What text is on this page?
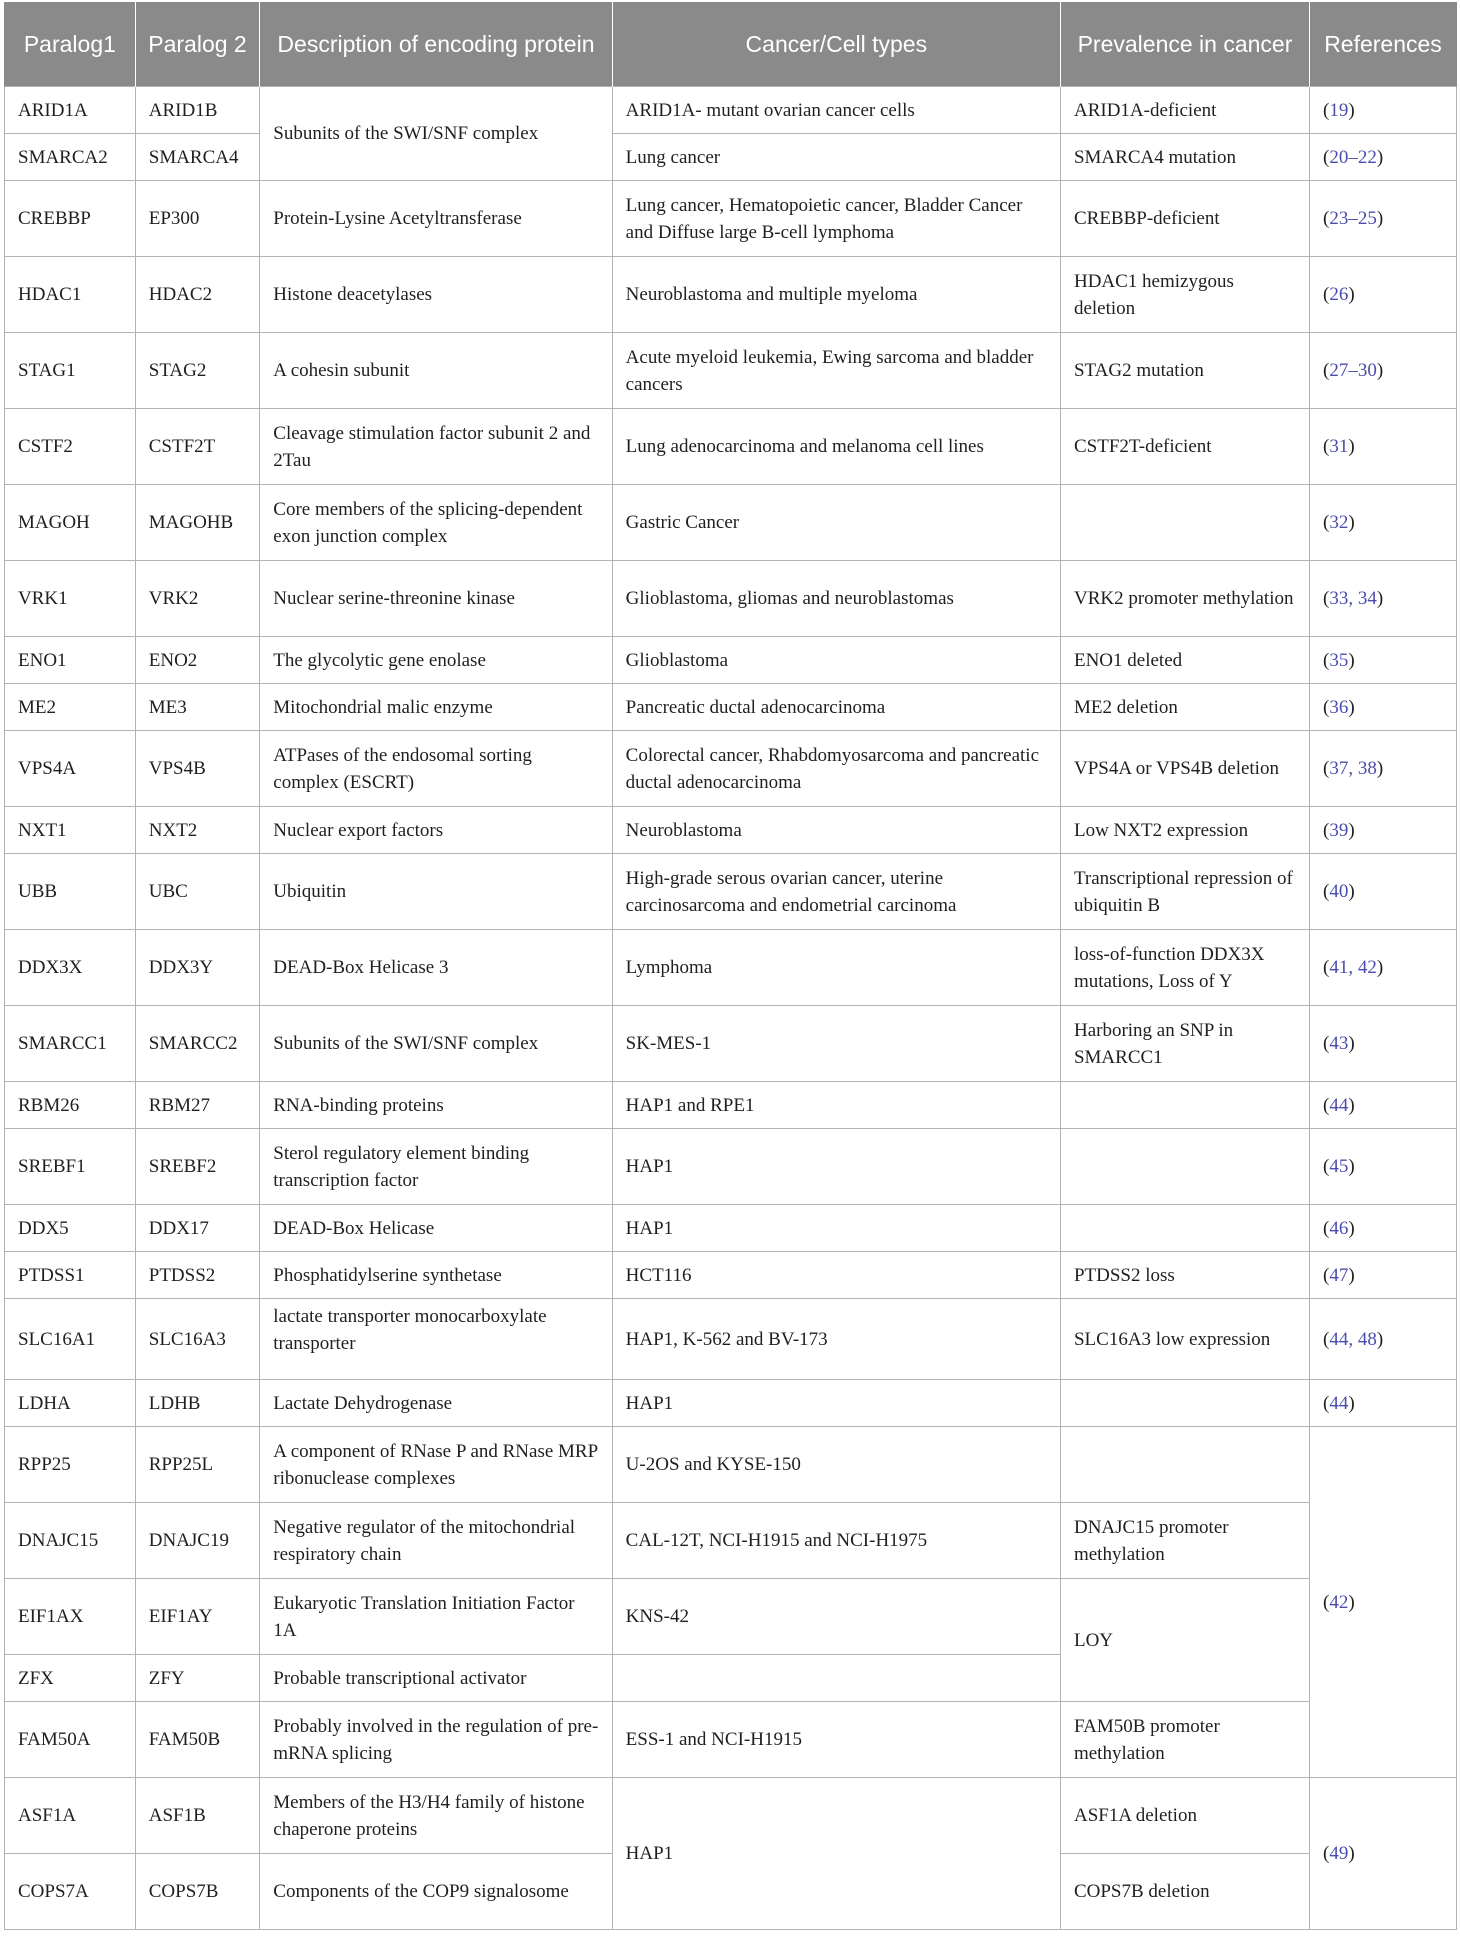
Paralog1	Paralog 2	Description of encoding protein	Cancer/Cell types	Prevalence in cancer	References
ARID1A	ARID1B	Subunits of the SWI/SNF complex	ARID1A- mutant ovarian cancer cells	ARID1A-deficient	(19)
SMARCA2	SMARCA4		Lung cancer	SMARCA4 mutation	(20–22)
CREBBP	EP300	Protein-Lysine Acetyltransferase	Lung cancer, Hematopoietic cancer, Bladder Cancer and Diffuse large B-cell lymphoma	CREBBP-deficient	(23–25)
HDAC1	HDAC2	Histone deacetylases	Neuroblastoma and multiple myeloma	HDAC1 hemizygous deletion	(26)
STAG1	STAG2	A cohesin subunit	Acute myeloid leukemia, Ewing sarcoma and bladder cancers	STAG2 mutation	(27–30)
CSTF2	CSTF2T	Cleavage stimulation factor subunit 2 and 2Tau	Lung adenocarcinoma and melanoma cell lines	CSTF2T-deficient	(31)
MAGOH	MAGOHB	Core members of the splicing-dependent exon junction complex	Gastric Cancer		(32)
VRK1	VRK2	Nuclear serine-threonine kinase	Glioblastoma, gliomas and neuroblastomas	VRK2 promoter methylation	(33, 34)
ENO1	ENO2	The glycolytic gene enolase	Glioblastoma	ENO1 deleted	(35)
ME2	ME3	Mitochondrial malic enzyme	Pancreatic ductal adenocarcinoma	ME2 deletion	(36)
VPS4A	VPS4B	ATPases of the endosomal sorting complex (ESCRT)	Colorectal cancer, Rhabdomyosarcoma and pancreatic ductal adenocarcinoma	VPS4A or VPS4B deletion	(37, 38)
NXT1	NXT2	Nuclear export factors	Neuroblastoma	Low NXT2 expression	(39)
UBB	UBC	Ubiquitin	High-grade serous ovarian cancer, uterine carcinosarcoma and endometrial carcinoma	Transcriptional repression of ubiquitin B	(40)
DDX3X	DDX3Y	DEAD-Box Helicase 3	Lymphoma	loss-of-function DDX3X mutations, Loss of Y	(41, 42)
SMARCC1	SMARCC2	Subunits of the SWI/SNF complex	SK-MES-1	Harboring an SNP in SMARCC1	(43)
RBM26	RBM27	RNA-binding proteins	HAP1 and RPE1		(44)
SREBF1	SREBF2	Sterol regulatory element binding transcription factor	HAP1		(45)
DDX5	DDX17	DEAD-Box Helicase	HAP1		(46)
PTDSS1	PTDSS2	Phosphatidylserine synthetase	HCT116	PTDSS2 loss	(47)
SLC16A1	SLC16A3	lactate transporter monocarboxylate transporter	HAP1, K-562 and BV-173	SLC16A3 low expression	(44, 48)
LDHA	LDHB	Lactate Dehydrogenase	HAP1		(44)
RPP25	RPP25L	A component of RNase P and RNase MRP ribonuclease complexes	U-2OS and KYSE-150		(42)
DNAJC15	DNAJC19	Negative regulator of the mitochondrial respiratory chain	CAL-12T, NCI-H1915 and NCI-H1975	DNAJC15 promoter methylation	
EIF1AX	EIF1AY	Eukaryotic Translation Initiation Factor 1A	KNS-42	LOY	
ZFX	ZFY	Probable transcriptional activator			
FAM50A	FAM50B	Probably involved in the regulation of pre-mRNA splicing	ESS-1 and NCI-H1915	FAM50B promoter methylation	
ASF1A	ASF1B	Members of the H3/H4 family of histone chaperone proteins	HAP1	ASF1A deletion	(49)
COPS7A	COPS7B	Components of the COP9 signalosome		COPS7B deletion	
